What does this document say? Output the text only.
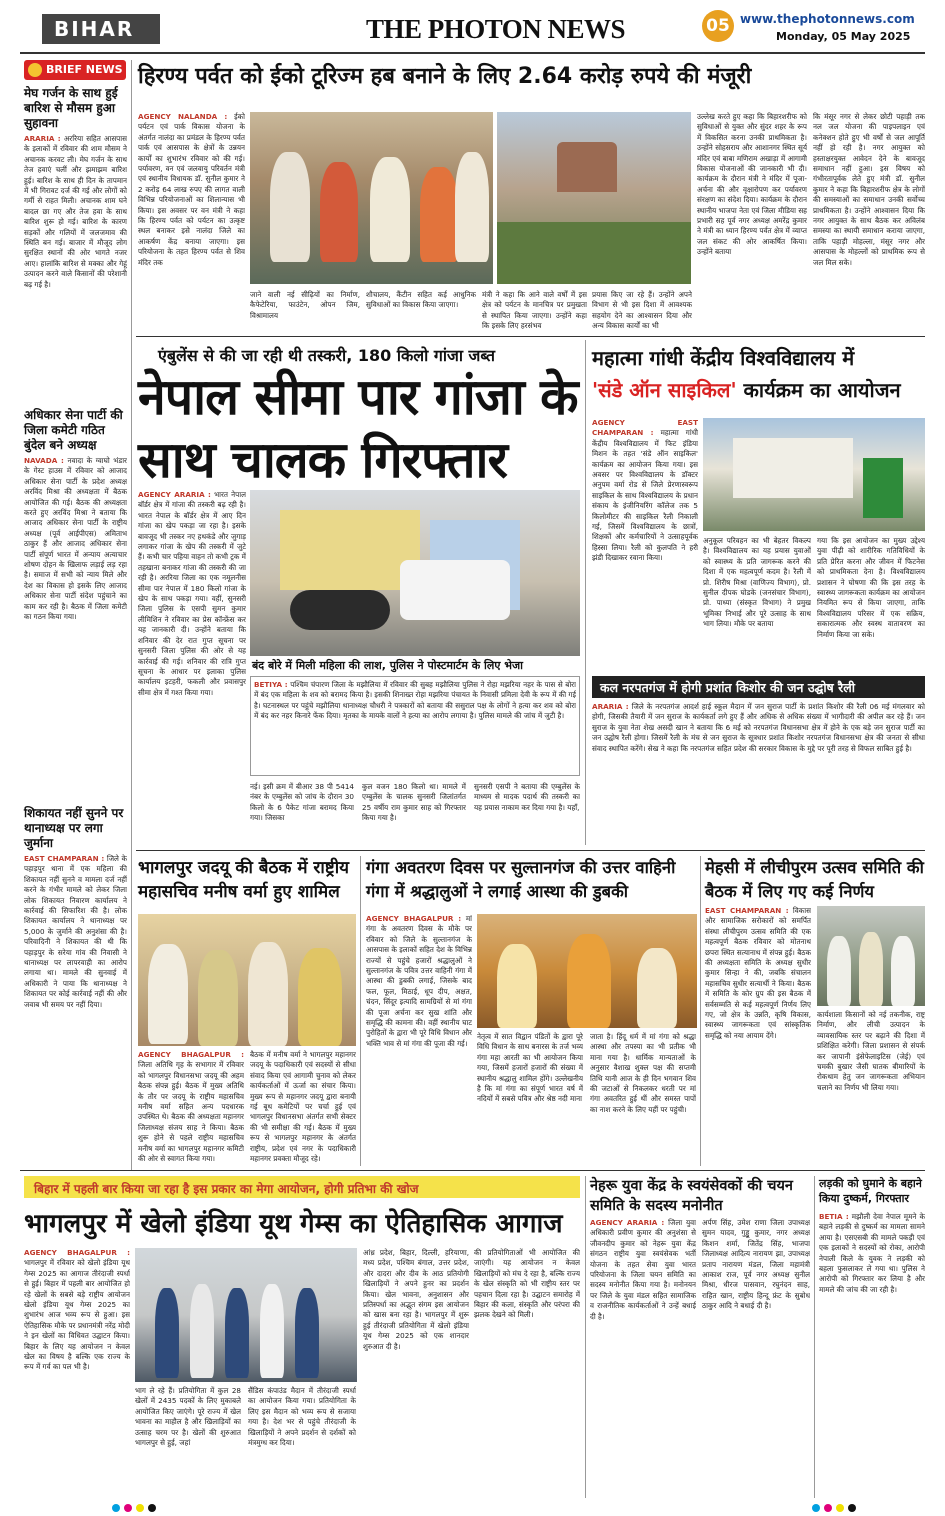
BIHAR	THE PHOTON NEWS	05 www.thephotonnews.com
Monday, 05 May 2025
BRIEF NEWS
मेघ गर्जन के साथ हुई बारिश से मौसम हुआ सुहावना
ARARIA : अररिया सहित आसपास के इलाकों में रविवार की शाम मौसम ने अचानक करवट ली। मेघ गर्जन के साथ तेज हवाएं चलीं और झमाझम बारिश हुई। बारिश के साथ ही दिन के तापमान में भी गिरावट दर्ज की गई और लोगों को गर्मी से राहत मिली। अचानक शाम घने बादल छा गए और तेज हवा के साथ बारिश शुरू हो गई। बारिश के कारण सड़कों और गलियों में जलजमाव की स्थिति बन गई। बाजार में मौजूद लोग सुरक्षित स्थानों की ओर भागते नजर आए। हालांकि बारिश से मक्का और गेहूं उत्पादन करने वाले किसानों की परेशानी बढ़ गई है।
अधिकार सेना पार्टी की जिला कमेटी गठित बुंदेल बने अध्यक्ष
NAVADA : नवादा के ग्वाघो भंडार के गेस्ट हाउस में रविवार को आजाद अधिकार सेना पार्टी के प्रदेश अध्यक्ष अरविंद मिश्रा की अध्यक्षता में बैठक आयोजित की गई। बैठक की अध्यक्षता करते हुए अरविंद मिश्रा ने बताया कि आजाद अधिकार सेना पार्टी के राष्ट्रीय अध्यक्ष (पूर्व आईपीएस) अमिताभ ठाकुर हैं और आजाद अधिकार सेना पार्टी संपूर्ण भारत में अन्याय अत्याचार शोषण दोहन के खिलाफ लड़ाई लड़ रहा है। समाज में सभी को न्याय मिले और देश का विकास हो इसके लिए आजाद अधिकार सेना पार्टी संदेश पहुंचाने का काम कर रही है। बैठक में जिला कमेटी का गठन किया गया।
शिकायत नहीं सुनने पर थानाध्यक्ष पर लगा जुर्माना
EAST CHAMPARAN : जिले के पहाड़पुर थाना में एक महिला की शिकायत नहीं सुनने व मामला दर्ज नहीं करने के गंभीर मामले को लेकर जिला लोक शिकायत निवारण कार्यालय ने कार्रवाई की सिफारिश की है। लोक शिकायत कार्यालय ने थानाध्यक्ष पर 5,000 के जुर्माने की अनुशंसा की है। परिवादिनी ने शिकायत की थी कि पहाड़पुर के सरेया गांव की निवासी ने थानाध्यक्ष पर लापरवाही का आरोप लगाया था। मामले की सुनवाई में अधिकारी ने पाया कि थानाध्यक्ष ने शिकायत पर कोई कार्रवाई नहीं की और जवाब भी समय पर नहीं दिया।
हिरण्य पर्वत को ईको टूरिज्म हब बनाने के लिए 2.64 करोड़ रुपये की मंजूरी
AGENCY NALANDA : ईको पर्यटन एवं पार्क विकास योजना के अंतर्गत नालंदा का प्रमंडल के हिरण्य पर्वत पार्क एवं आसपास के क्षेत्रों के उन्नयन कार्यों का शुभारंभ रविवार को की गई। पर्यावरण, वन एवं जलवायु परिवर्तन मंत्री एवं स्थानीय विधायक डॉ. सुनील कुमार ने 2 करोड़ 64 लाख रुपए की लागत वाली विभिन्न परियोजनाओं का शिलान्यास भी किया। इस अवसर पर वन मंत्री ने कहा कि हिरण्य पर्वत को पर्यटन का उत्कृष्ट स्थल बनाकर इसे नालंदा जिले का आकर्षण केंद्र बनाया जाएगा। इस परियोजना के तहत हिरण्य पर्वत से शिव मंदिर तक
जाने वाली नई सीढ़ियों का निर्माण, कैफेटेरिया, फाउंटेन, ओपन जिम, विश्रामालय
शौचालय, कैंटीन सहित कई आधुनिक सुविधाओं का विकास किया जाएगा।
मंत्री ने कहा कि आने वाले वर्षों में इस क्षेत्र को पर्यटन के मानचित्र पर प्रमुखता से स्थापित किया जाएगा। उन्होंने कहा कि इसके लिए हरसंभव
प्रयास किए जा रहे हैं। उन्होंने अपने विभाग से भी इस दिशा में आवश्यक सहयोग देने का आश्वासन दिया और अन्य विकास कार्यों का भी
उल्लेख करते हुए कहा कि बिहारशरीफ को सुविधाओं से युक्त और सुंदर शहर के रूप में विकसित करना उनकी प्राथमिकता है। उन्होंने सोहसराय और आशानगर स्थित सूर्य मंदिर एवं बाबा मणिराम अखाड़ा में आगामी विकास योजनाओं की जानकारी भी दी। कार्यक्रम के दौरान मंत्री ने मंदिर में पूजा-अर्चना की और वृक्षारोपण कर पर्यावरण संरक्षण का संदेश दिया। कार्यक्रम के दौरान स्थानीय भाजपा नेता एवं जिला मीडिया सह प्रभारी सह पूर्व नगर अध्यक्ष अमरेंद्र कुमार ने मंत्री का ध्यान हिरण्य पर्वत क्षेत्र में व्याप्त जल संकट की ओर आकर्षित किया। उन्होंने बताया
कि मंसूर नगर से लेकर छोटी पहाड़ी तक नल जल योजना की पाइपलाइन एवं कनेक्शन होते हुए भी वर्षों से जल आपूर्ति नहीं हो रही है। नगर आयुक्त को हस्ताक्षरयुक्त आवेदन देने के बावजूद समाधान नहीं हुआ। इस विषय को गंभीरतापूर्वक लेते हुए मंत्री डॉ. सुनील कुमार ने कहा कि बिहारशरीफ क्षेत्र के लोगों की समस्याओं का समाधान उनकी सर्वोच्च प्राथमिकता है। उन्होंने आश्वासन दिया कि नगर आयुक्त के साथ बैठक कर अविलंब समस्या का स्थायी समाधान कराया जाएगा, ताकि पहाड़ी मोहल्ला, मंसूर नगर और आसपास के मोहल्लों को प्राथमिक रूप से जल मिल सके।
एंबुलेंस से की जा रही थी तस्करी, 180 किलो गांजा जब्त
नेपाल सीमा पार गांजा के साथ चालक गिरफ्तार
AGENCY ARARIA : भारत नेपाल बॉर्डर क्षेत्र में गांजा की तस्करी बढ़ रही है। भारत नेपाल के बॉर्डर क्षेत्र में आए दिन गांजा का खेप पकड़ा जा रहा है। इसके बावजूद भी तस्कर नए हथकंडे और जुगाड़ लगाकर गांजा के खेप की तस्करी में जुटे हैं। कभी चार पहिया वाहन तो कभी ट्रक में तहखाना बनाकर गांजा की तस्करी की जा रही है। अररिया जिला का एक नमूलनीस सीमा पार नेपाल में 180 किलो गांजा के खेप के साथ पकड़ा गया। वहीं, सुनसरी जिला पुलिस के एसपी सुमन कुमार लीमिशिन ने रविवार का प्रेस कॉन्फ्रेंस कर यह जानकारी दी। उन्होंने बताया कि शनिवार की देर रात गुप्त सूचना पर सुनसरी जिला पुलिस की ओर से यह कार्रवाई की गई। शनिवार की रात्रि गुप्त सूचना के आधार पर इलाका पुलिस कार्यालय इटहरी, फकली और प्रवासपुर सीमा क्षेत्र में गश्त किया गया।
बंद बोरे में मिली महिला की लाश, पुलिस ने पोस्टमार्टम के लिए भेजा
BETIYA : पश्चिम चंपारण जिला के मझौलिया में रविवार की सुबह मझौलिया पुलिस ने रोहा मझरिया नहर के पास से बोरा में बंद एक महिला के शव को बरामद किया है। इसकी शिनाख्त रोहा मझरिया पंचायत के निवासी प्रमिला देवी के रूप में की गई है। घटनास्थल पर पहुंचे मझौलिया थानाध्यक्ष चौधरी ने पत्रकारों को बताया की ससुराल पक्ष के लोगों ने हत्या कर शव को बोरा में बंद कर नहर किनारे फेंक दिया। मृतका के मायके वालों ने हत्या का आरोप लगाया है। पुलिस मामले की जांच में जुटी है।
नई। इसी क्रम में बीआर 38 पी 5414 नंबर के एम्बुलेंस को जांच के दौरान 30 किलो के 6 पैकेट गांजा बरामद किया गया। जिसका
कुल वजन 180 किलो था। मामले में एम्बुलेंस के चालक सुनसरी जिलांतर्गत 25 वर्षीय राम कुमार साह को गिरफ्तार किया गया है।
सुनसरी एसपी ने बताया की एम्बुलेंस के माध्यम से मादक पदार्थ की तस्करी का यह प्रयास नाकाम कर दिया गया है। यहाँ,
महात्मा गांधी केंद्रीय विश्वविद्यालय में
'संडे ऑन साइकिल' कार्यक्रम का आयोजन
AGENCY EAST CHAMPARAN : महात्मा गांधी केंद्रीय विश्वविद्यालय में फिट इंडिया मिशन के तहत 'संडे ऑन साइकिल' कार्यक्रम का आयोजन किया गया। इस अवसर पर विश्वविद्यालय के डॉक्टर अनुपम वर्मा रोड से जिले प्रेरणास्वरूप साइकिल के साथ विश्वविद्यालय के प्रधान संकाय के इंजीनियरिंग कॉलेज तक 5 किलोमीटर की साइकिल रैली निकाली गई, जिसमें विश्वविद्यालय के छात्रों, शिक्षकों और कर्मचारियों ने उत्साहपूर्वक हिस्सा लिया। रैली को कुलपति ने हरी झंडी दिखाकर रवाना किया।
अनुकूल परिवहन का भी बेहतर विकल्प है। विश्वविद्यालय का यह प्रयास युवाओं को स्वास्थ्य के प्रति जागरूक करने की दिशा में एक महत्वपूर्ण कदम है। रैली में प्रो. शिरीष मिश्रा (वाणिज्य विभाग), प्रो. सुनील दीपक घोडके (जनसंचार विभाग), प्रो. पाध्या (संस्कृत विभाग) ने प्रमुख भूमिका निभाई और पूरे उत्साह के साथ भाग लिया। मौके पर बताया
गया कि इस आयोजन का मुख्य उद्देश्य युवा पीढ़ी को शारीरिक गतिविधियों के प्रति प्रेरित करना और जीवन में फिटनेस को प्राथमिकता देना है। विश्वविद्यालय प्रशासन ने घोषणा की कि इस तरह के स्वास्थ्य जागरूकता कार्यक्रम का आयोजन नियमित रूप से किया जाएगा, ताकि विश्वविद्यालय परिसर में एक सक्रिय, सकारात्मक और स्वस्थ वातावरण का निर्माण किया जा सके।
कल नरपतगंज में होगी प्रशांत किशोर की जन उद्घोष रैली
ARARIA : जिले के नरपतगंज आदर्श हाई स्कूल मैदान में जन सुराज पार्टी के प्रशांत किशोर की रैली 06 मई मंगलवार को होगी, जिसकी तैयारी में जन सुराज के कार्यकर्ता लगे हुए हैं और अधिक से अधिक संख्या में भागीदारी की अपील कर रहे हैं। जन सुराज के युवा नेता शेख असदी खान ने बताया कि 6 मई को नरपतगंज विधानसभा क्षेत्र में होने के एक बड़े जन सुराज पार्टी का जन उद्घोष रैली होगा। जिसमें रैली के मंच से जन सुराज के सूत्रधार प्रशांत किशोर नरपतगंज विधानसभा क्षेत्र की जनता से सीधा संवाद स्थापित करेंगे। सेख ने कहा कि नरपतगंज सहित प्रदेश की सरकार विकास के मुद्दे पर पूरी तरह से विफल साबित हुई है।
भागलपुर जदयू की बैठक में राष्ट्रीय महासचिव मनीष वर्मा हुए शामिल
AGENCY BHAGALPUR : जिला अतिथि गृह के सभागार में रविवार को भागलपुर विधानसभा जदयू की अहम बैठक संपन्न हुई। बैठक में मुख्य अतिथि के तौर पर जदयू के राष्ट्रीय महासचिव मनीष वर्मा सहित अन्य पदधारक उपस्थित थे। बैठक की अध्यक्षता महानगर जिलाध्यक्ष संजय साह ने किया। बैठक शुरू होने से पहले राष्ट्रीय महासचिव मनीष वर्मा का भागलपुर महानगर कमिटी की ओर से स्वागत किया गया।
बैठक में मनीष वर्मा ने भागलपुर महानगर जदयू के पदाधिकारी एवं सदस्यों से सीधा संवाद किया एवं आगामी चुनाव को लेकर कार्यकर्ताओं में ऊर्जा का संचार किया। मुख्य रूप से महानगर जदयू द्वारा बनायी गई बूथ कमेटियों पर चर्चा हुई एवं भागलपुर विधानसभा अंतर्गत सभी सेक्टर की भी समीक्षा की गई। बैठक में मुख्य रूप से भागलपुर महानगर के अंतर्गत राष्ट्रीय, प्रदेश एवं नगर के पदाधिकारी महानगर प्रवक्ता मौजूद रहे।
गंगा अवतरण दिवस पर सुल्तानगंज की उत्तर वाहिनी गंगा में श्रद्धालुओं ने लगाई आस्था की डुबकी
AGENCY BHAGALPUR : मां गंगा के अवतरण दिवस के मौके पर रविवार को जिले के सुल्तानगंज के आसपास के इलाकों सहित देश के विभिन्न राज्यों से पहुंचे हजारों श्रद्धालुओं ने सुल्तानगंज के पवित्र उत्तर वाहिनी गंगा में आस्था की डुबकी लगाई, जिसके बाद फल, फूल, मिठाई, धूप दीप, अक्षत, चंदन, सिंदूर इत्यादि सामग्रियों से मां गंगा की पूजा अर्चना कर सुख शांति और समृद्धि की कामना की। वहीं स्थानीय घाट पुरोहितों के द्वारा भी पूरे विधि विधान और भक्ति भाव से मां गंगा की पूजा की गई।
नेतृत्व में सात विद्वान पंडितों के द्वारा पूरे विधि विधान के साथ बनारस के तर्ज भव्य गंगा महा आरती का भी आयोजन किया गया, जिसमें हजारों हजारों की संख्या में स्थानीय श्रद्धालु शामिल होंगे। उल्लेखनीय है कि मां गंगा का संपूर्ण भारत वर्ष में नदियों में सबसे पवित्र और श्रेष्ठ नदी माना
जाता है। हिंदू धर्म में मां गंगा को श्रद्धा आस्था और तपस्या का भी प्रतीक भी माना गया है। धार्मिक मान्यताओं के अनुसार वैशाख शुक्ल पक्ष की सप्तमी तिथि यानी आज के ही दिन भगवान शिव की जटाओं से निकलकर धरती पर मां गंगा अवतरित हुई थीं और समस्त पापों का नाश करने के लिए यहीं पर पहुंची।
मेहसी में लीचीपुरम उत्सव समिति की बैठक में लिए गए कई निर्णय
EAST CHAMPARAN : विकास और सामाजिक सरोकारों को समर्पित संस्था लीचीपुरम उत्सव समिति की एक महत्वपूर्ण बैठक रविवार को मोतनाथ छपरा स्थित सत्यानाथ में संपन्न हुई। बैठक की अध्यक्षता समिति के अध्यक्ष सुधीर कुमार सिन्हा ने की, जबकि संचालन महासचिव सुधीर सत्यार्थी ने किया। बैठक में समिति के कोर ग्रुप की इस बैठक में सर्वसम्मति से कई महत्वपूर्ण निर्णय लिए गए, जो क्षेत्र के उन्नति, कृषि विकास, स्वास्थ्य जागरूकता एवं सांस्कृतिक समृद्धि को नया आयाम देंगे।
कार्यशाला किसानों को नई तकनीक, राष्ट्र निर्माण, और लीची उत्पादन के व्यावसायिक स्तर पर बढ़ाने की दिशा में प्रशिक्षित करेगी। जिला प्रशासन से संपर्क कर जापानी इंसेफेलाइटिस (जेई) एवं चमकी बुखार जैसी घातक बीमारियों के रोकथाम हेतु जन जागरूकता अभियान चलाने का निर्णय भी लिया गया।
बिहार में पहली बार किया जा रहा है इस प्रकार का मेगा आयोजन, होगी प्रतिभा की खोज
भागलपुर में खेलो इंडिया यूथ गेम्स का ऐतिहासिक आगाज
AGENCY BHAGALPUR : भागलपुर में रविवार को खेलो इंडिया यूथ गेम्स 2025 का आगाज तीरंदाजी स्पर्धा से हुई। बिहार में पहली बार आयोजित हो रहे खेलों के सबसे बड़े राष्ट्रीय आयोजन खेलो इंडिया यूथ गेम्स 2025 का शुभारंभ आज भव्य रूप से हुआ। इस ऐतिहासिक मौके पर प्रधानमंत्री नरेंद्र मोदी ने इन खेलों का विधिवत उद्घाटन किया। बिहार के लिए यह आयोजन न केवल खेल का विषय है बल्कि एक राज्य के रूप में गर्व का पल भी है।
भाग ले रहे हैं। प्रतियोगिता में कुल 28 खेलों में 2435 पदकों के लिए मुकाबले आयोजित किए जाएंगे। पूरे राज्य में खेल भावना का माहौल है और खिलाड़ियों का उत्साह चरम पर है। खेलों की शुरुआत भागलपुर से हुई, जहां
सैंडिस कंपाउंड मैदान में तीरंदाजी स्पर्धा का आयोजन किया गया। प्रतियोगिता के लिए इस मैदान को भव्य रूप से सजाया गया है। देश भर से पहुंचे तीरंदाजी के खिलाड़ियों ने अपने प्रदर्शन से दर्शकों को मंत्रमुग्ध कर दिया।
आंध्र प्रदेश, बिहार, दिल्ली, हरियाणा, मध्य प्रदेश, पश्चिम बंगाल, उत्तर प्रदेश, और दादरा और दीव के आठ प्रतियोगी खिलाड़ियों ने अपने हुनर का प्रदर्शन किया। खेल भावना, अनुशासन और प्रतिस्पर्धा का अद्भुत संगम इस आयोजन को खास बना रहा है। भागलपुर में शुरू हुई तीरंदाजी प्रतियोगिता में खेलो इंडिया यूथ गेम्स 2025 को एक शानदार शुरुआत दी है।
की प्रतियोगिताओं भी आयोजित की जाएंगी। यह आयोजन न केवल खिलाड़ियों को मंच दे रहा है, बल्कि राज्य के खेल संस्कृति को भी राष्ट्रीय स्तर पर पहचान दिला रहा है। उद्घाटन समारोह में बिहार की कला, संस्कृति और परंपरा की झलक देखने को मिली।
नेहरू युवा केंद्र के स्वयंसेवकों की चयन समिति के सदस्य मनोनीत
AGENCY ARARIA : जिला युवा अधिकारी प्रवीण कुमार की अनुशंसा से जीवनदीप कुमार को नेहरू युवा केंद्र संगठन राष्ट्रीय युवा स्वयंसेवक भर्ती योजना के तहत सेवा युवा भारत परियोजना के जिला चयन समिति का सदस्य मनोनीत किया गया है। मनोनयन पर जिले के युवा मंडल सहित सामाजिक व राजनीतिक कार्यकर्ताओं ने उन्हें बधाई दी है।
अर्पण सिंह, उमेश राणा जिला उपाध्यक्ष सुमन यादव, गुड्डू कुमार, नगर अध्यक्ष किशन शर्मा, जितेंद्र सिंह, भाजपा जिलाध्यक्ष आदित्य नारायण झा, उपाध्यक्ष प्रताप नारायण मंडल, जिला महामंत्री आकाश राज, पूर्व नगर अध्यक्ष सुनील मिश्रा, धीरज पासवान, रघुनंदन साह, राहित खान, राष्ट्रीय हिन्दू फ्रंट के सुबोध ठाकुर आदि ने बधाई दी है।
लड़की को घुमाने के बहाने किया दुष्कर्म, गिरफ्तार
BETIA : मझौली देवा नेपाल मूमने के बहाने लड़की से दुष्कर्म का मामला सामने आया है। एसएसबी की मामले पकड़ी एवं एक इलाकों ने सदस्यों को रोका, आरोपी नेपाली किले के युवक ने लड़की को बहला फुसलाकर ले गया था। पुलिस ने आरोपी को गिरफ्तार कर लिया है और मामले की जांच की जा रही है।
